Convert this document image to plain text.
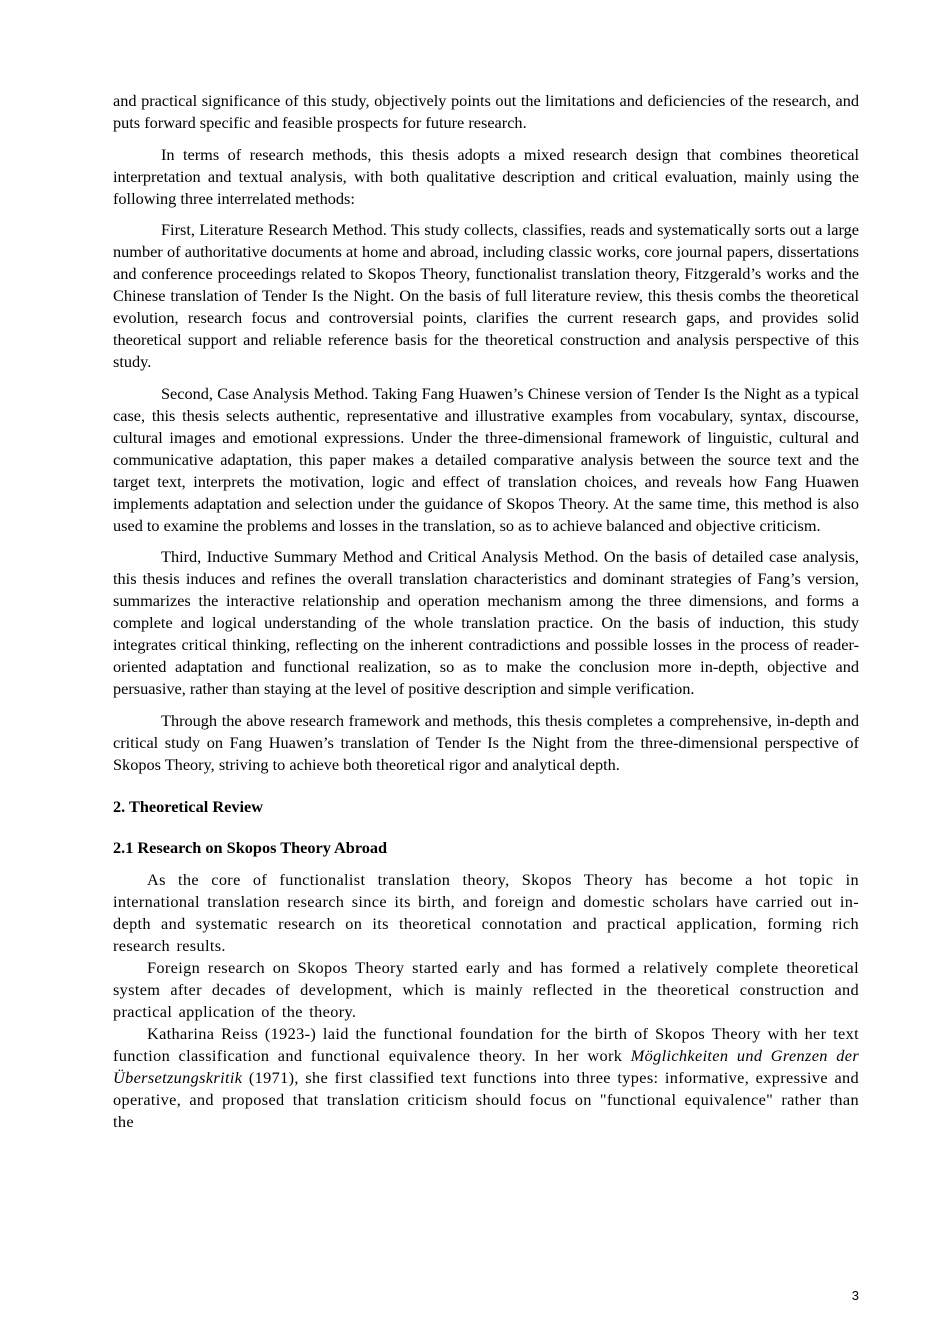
and practical significance of this study, objectively points out the limitations and deficiencies of the research, and puts forward specific and feasible prospects for future research.

In terms of research methods, this thesis adopts a mixed research design that combines theoretical interpretation and textual analysis, with both qualitative description and critical evaluation, mainly using the following three interrelated methods:

First, Literature Research Method. This study collects, classifies, reads and systematically sorts out a large number of authoritative documents at home and abroad, including classic works, core journal papers, dissertations and conference proceedings related to Skopos Theory, functionalist translation theory, Fitzgerald’s works and the Chinese translation of Tender Is the Night. On the basis of full literature review, this thesis combs the theoretical evolution, research focus and controversial points, clarifies the current research gaps, and provides solid theoretical support and reliable reference basis for the theoretical construction and analysis perspective of this study.

Second, Case Analysis Method. Taking Fang Huawen’s Chinese version of Tender Is the Night as a typical case, this thesis selects authentic, representative and illustrative examples from vocabulary, syntax, discourse, cultural images and emotional expressions. Under the three-dimensional framework of linguistic, cultural and communicative adaptation, this paper makes a detailed comparative analysis between the source text and the target text, interprets the motivation, logic and effect of translation choices, and reveals how Fang Huawen implements adaptation and selection under the guidance of Skopos Theory. At the same time, this method is also used to examine the problems and losses in the translation, so as to achieve balanced and objective criticism.

Third, Inductive Summary Method and Critical Analysis Method. On the basis of detailed case analysis, this thesis induces and refines the overall translation characteristics and dominant strategies of Fang’s version, summarizes the interactive relationship and operation mechanism among the three dimensions, and forms a complete and logical understanding of the whole translation practice. On the basis of induction, this study integrates critical thinking, reflecting on the inherent contradictions and possible losses in the process of reader-oriented adaptation and functional realization, so as to make the conclusion more in-depth, objective and persuasive, rather than staying at the level of positive description and simple verification.

Through the above research framework and methods, this thesis completes a comprehensive, in-depth and critical study on Fang Huawen’s translation of Tender Is the Night from the three-dimensional perspective of Skopos Theory, striving to achieve both theoretical rigor and analytical depth.

2. Theoretical Review

2.1 Research on Skopos Theory Abroad

As the core of functionalist translation theory, Skopos Theory has become a hot topic in international translation research since its birth, and foreign and domestic scholars have carried out in-depth and systematic research on its theoretical connotation and practical application, forming rich research results.

Foreign research on Skopos Theory started early and has formed a relatively complete theoretical system after decades of development, which is mainly reflected in the theoretical construction and practical application of the theory.

Katharina Reiss (1923-) laid the functional foundation for the birth of Skopos Theory with her text function classification and functional equivalence theory. In her work Möglichkeiten und Grenzen der Übersetzungskritik (1971), she first classified text functions into three types: informative, expressive and operative, and proposed that translation criticism should focus on "functional equivalence" rather than the

3
